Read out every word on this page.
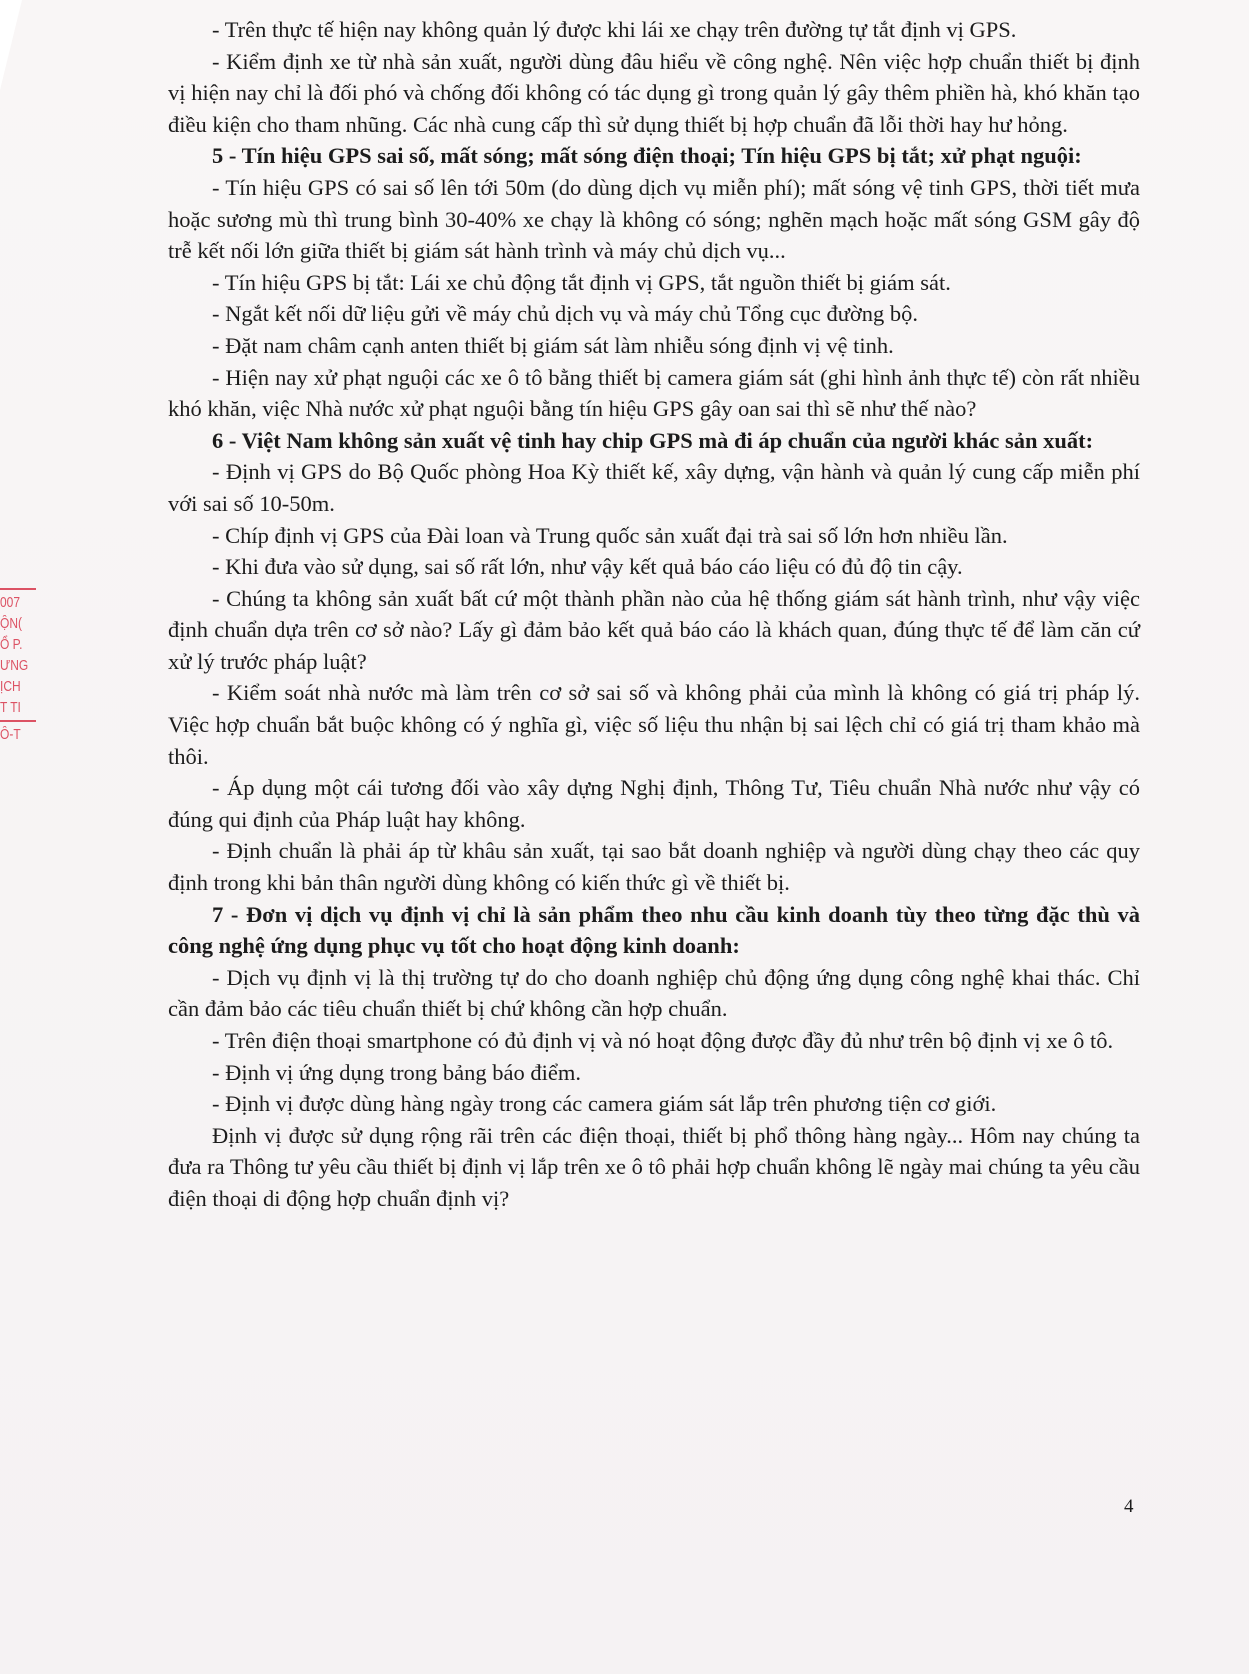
007
ỘN(
Ổ P.
ƯNG
ỊCH
T TI
Ô-T

- Trên thực tế hiện nay không quản lý được khi lái xe chạy trên đường tự tắt định vị GPS.

- Kiểm định xe từ nhà sản xuất, người dùng đâu hiểu về công nghệ. Nên việc hợp chuẩn thiết bị định vị hiện nay chỉ là đối phó và chống đối không có tác dụng gì trong quản lý gây thêm phiền hà, khó khăn tạo điều kiện cho tham nhũng. Các nhà cung cấp thì sử dụng thiết bị hợp chuẩn đã lỗi thời hay hư hỏng.

5 - Tín hiệu GPS sai số, mất sóng; mất sóng điện thoại; Tín hiệu GPS bị tắt; xử phạt nguội:

- Tín hiệu GPS có sai số lên tới 50m (do dùng dịch vụ miễn phí); mất sóng vệ tinh GPS, thời tiết mưa hoặc sương mù thì trung bình 30-40% xe chạy là không có sóng; nghẽn mạch hoặc mất sóng GSM gây độ trễ kết nối lớn giữa thiết bị giám sát hành trình và máy chủ dịch vụ...

- Tín hiệu GPS bị tắt: Lái xe chủ động tắt định vị GPS, tắt nguồn thiết bị giám sát.

- Ngắt kết nối dữ liệu gửi về máy chủ dịch vụ và máy chủ Tổng cục đường bộ.

- Đặt nam châm cạnh anten thiết bị giám sát làm nhiễu sóng định vị vệ tinh.

- Hiện nay xử phạt nguội các xe ô tô bằng thiết bị camera giám sát (ghi hình ảnh thực tế) còn rất nhiều khó khăn, việc Nhà nước xử phạt nguội bằng tín hiệu GPS gây oan sai thì sẽ như thế nào?

6 - Việt Nam không sản xuất vệ tinh hay chip GPS mà đi áp chuẩn của người khác sản xuất:

- Định vị GPS do Bộ Quốc phòng Hoa Kỳ thiết kế, xây dựng, vận hành và quản lý cung cấp miễn phí với sai số 10-50m.

- Chíp định vị GPS của Đài loan và Trung quốc sản xuất đại trà sai số lớn hơn nhiều lần.

- Khi đưa vào sử dụng, sai số rất lớn, như vậy kết quả báo cáo liệu có đủ độ tin cậy.

- Chúng ta không sản xuất bất cứ một thành phần nào của hệ thống giám sát hành trình, như vậy việc định chuẩn dựa trên cơ sở nào? Lấy gì đảm bảo kết quả báo cáo là khách quan, đúng thực tế để làm căn cứ xử lý trước pháp luật?

- Kiểm soát nhà nước mà làm trên cơ sở sai số và không phải của mình là không có giá trị pháp lý. Việc hợp chuẩn bắt buộc không có ý nghĩa gì, việc số liệu thu nhận bị sai lệch chỉ có giá trị tham khảo mà thôi.

- Áp dụng một cái tương đối vào xây dựng Nghị định, Thông Tư, Tiêu chuẩn Nhà nước như vậy có đúng qui định của Pháp luật hay không.

- Định chuẩn là phải áp từ khâu sản xuất, tại sao bắt doanh nghiệp và người dùng chạy theo các quy định trong khi bản thân người dùng không có kiến thức gì về thiết bị.

7 - Đơn vị dịch vụ định vị chỉ là sản phẩm theo nhu cầu kinh doanh tùy theo từng đặc thù và công nghệ ứng dụng phục vụ tốt cho hoạt động kinh doanh:

- Dịch vụ định vị là thị trường tự do cho doanh nghiệp chủ động ứng dụng công nghệ khai thác. Chỉ cần đảm bảo các tiêu chuẩn thiết bị chứ không cần hợp chuẩn.

- Trên điện thoại smartphone có đủ định vị và nó hoạt động được đầy đủ như trên bộ định vị xe ô tô.

- Định vị ứng dụng trong bảng báo điểm.

- Định vị được dùng hàng ngày trong các camera giám sát lắp trên phương tiện cơ giới.

Định vị được sử dụng rộng rãi trên các điện thoại, thiết bị phổ thông hàng ngày... Hôm nay chúng ta đưa ra Thông tư yêu cầu thiết bị định vị lắp trên xe ô tô phải hợp chuẩn không lẽ ngày mai chúng ta yêu cầu điện thoại di động hợp chuẩn định vị?

4
